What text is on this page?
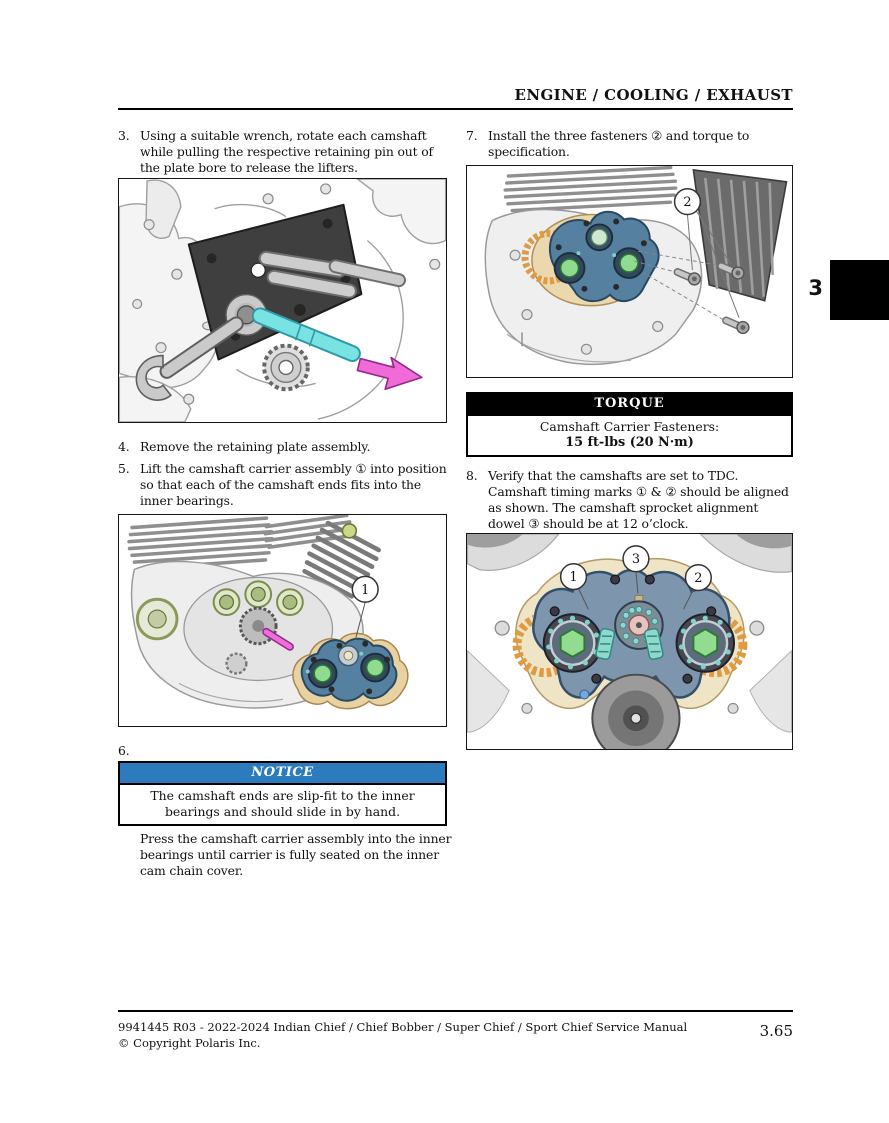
ENGINE / COOLING / EXHAUST
3
3. Using a suitable wrench, rotate each camshaft while pulling the respective retaining pin out of the plate bore to release the lifters.
4. Remove the retaining plate assembly.
5. Lift the camshaft carrier assembly ① into position so that each of the camshaft ends fits into the inner bearings.
1
6.
NOTICE
The camshaft ends are slip-fit to the inner bearings and should slide in by hand.
Press the camshaft carrier assembly into the inner bearings until carrier is fully seated on the inner cam chain cover.
7. Install the three fasteners ② and torque to specification.
2
TORQUE
Camshaft Carrier Fasteners:
15 ft-lbs (20 N·m)
8. Verify that the camshafts are set to TDC. Camshaft timing marks ① & ② should be aligned as shown. The camshaft sprocket alignment dowel ③ should be at 12 o’clock.
1
3
2
9941445 R03 - 2022-2024 Indian Chief / Chief Bobber / Super Chief / Sport Chief Service Manual
© Copyright Polaris Inc.
3.65
